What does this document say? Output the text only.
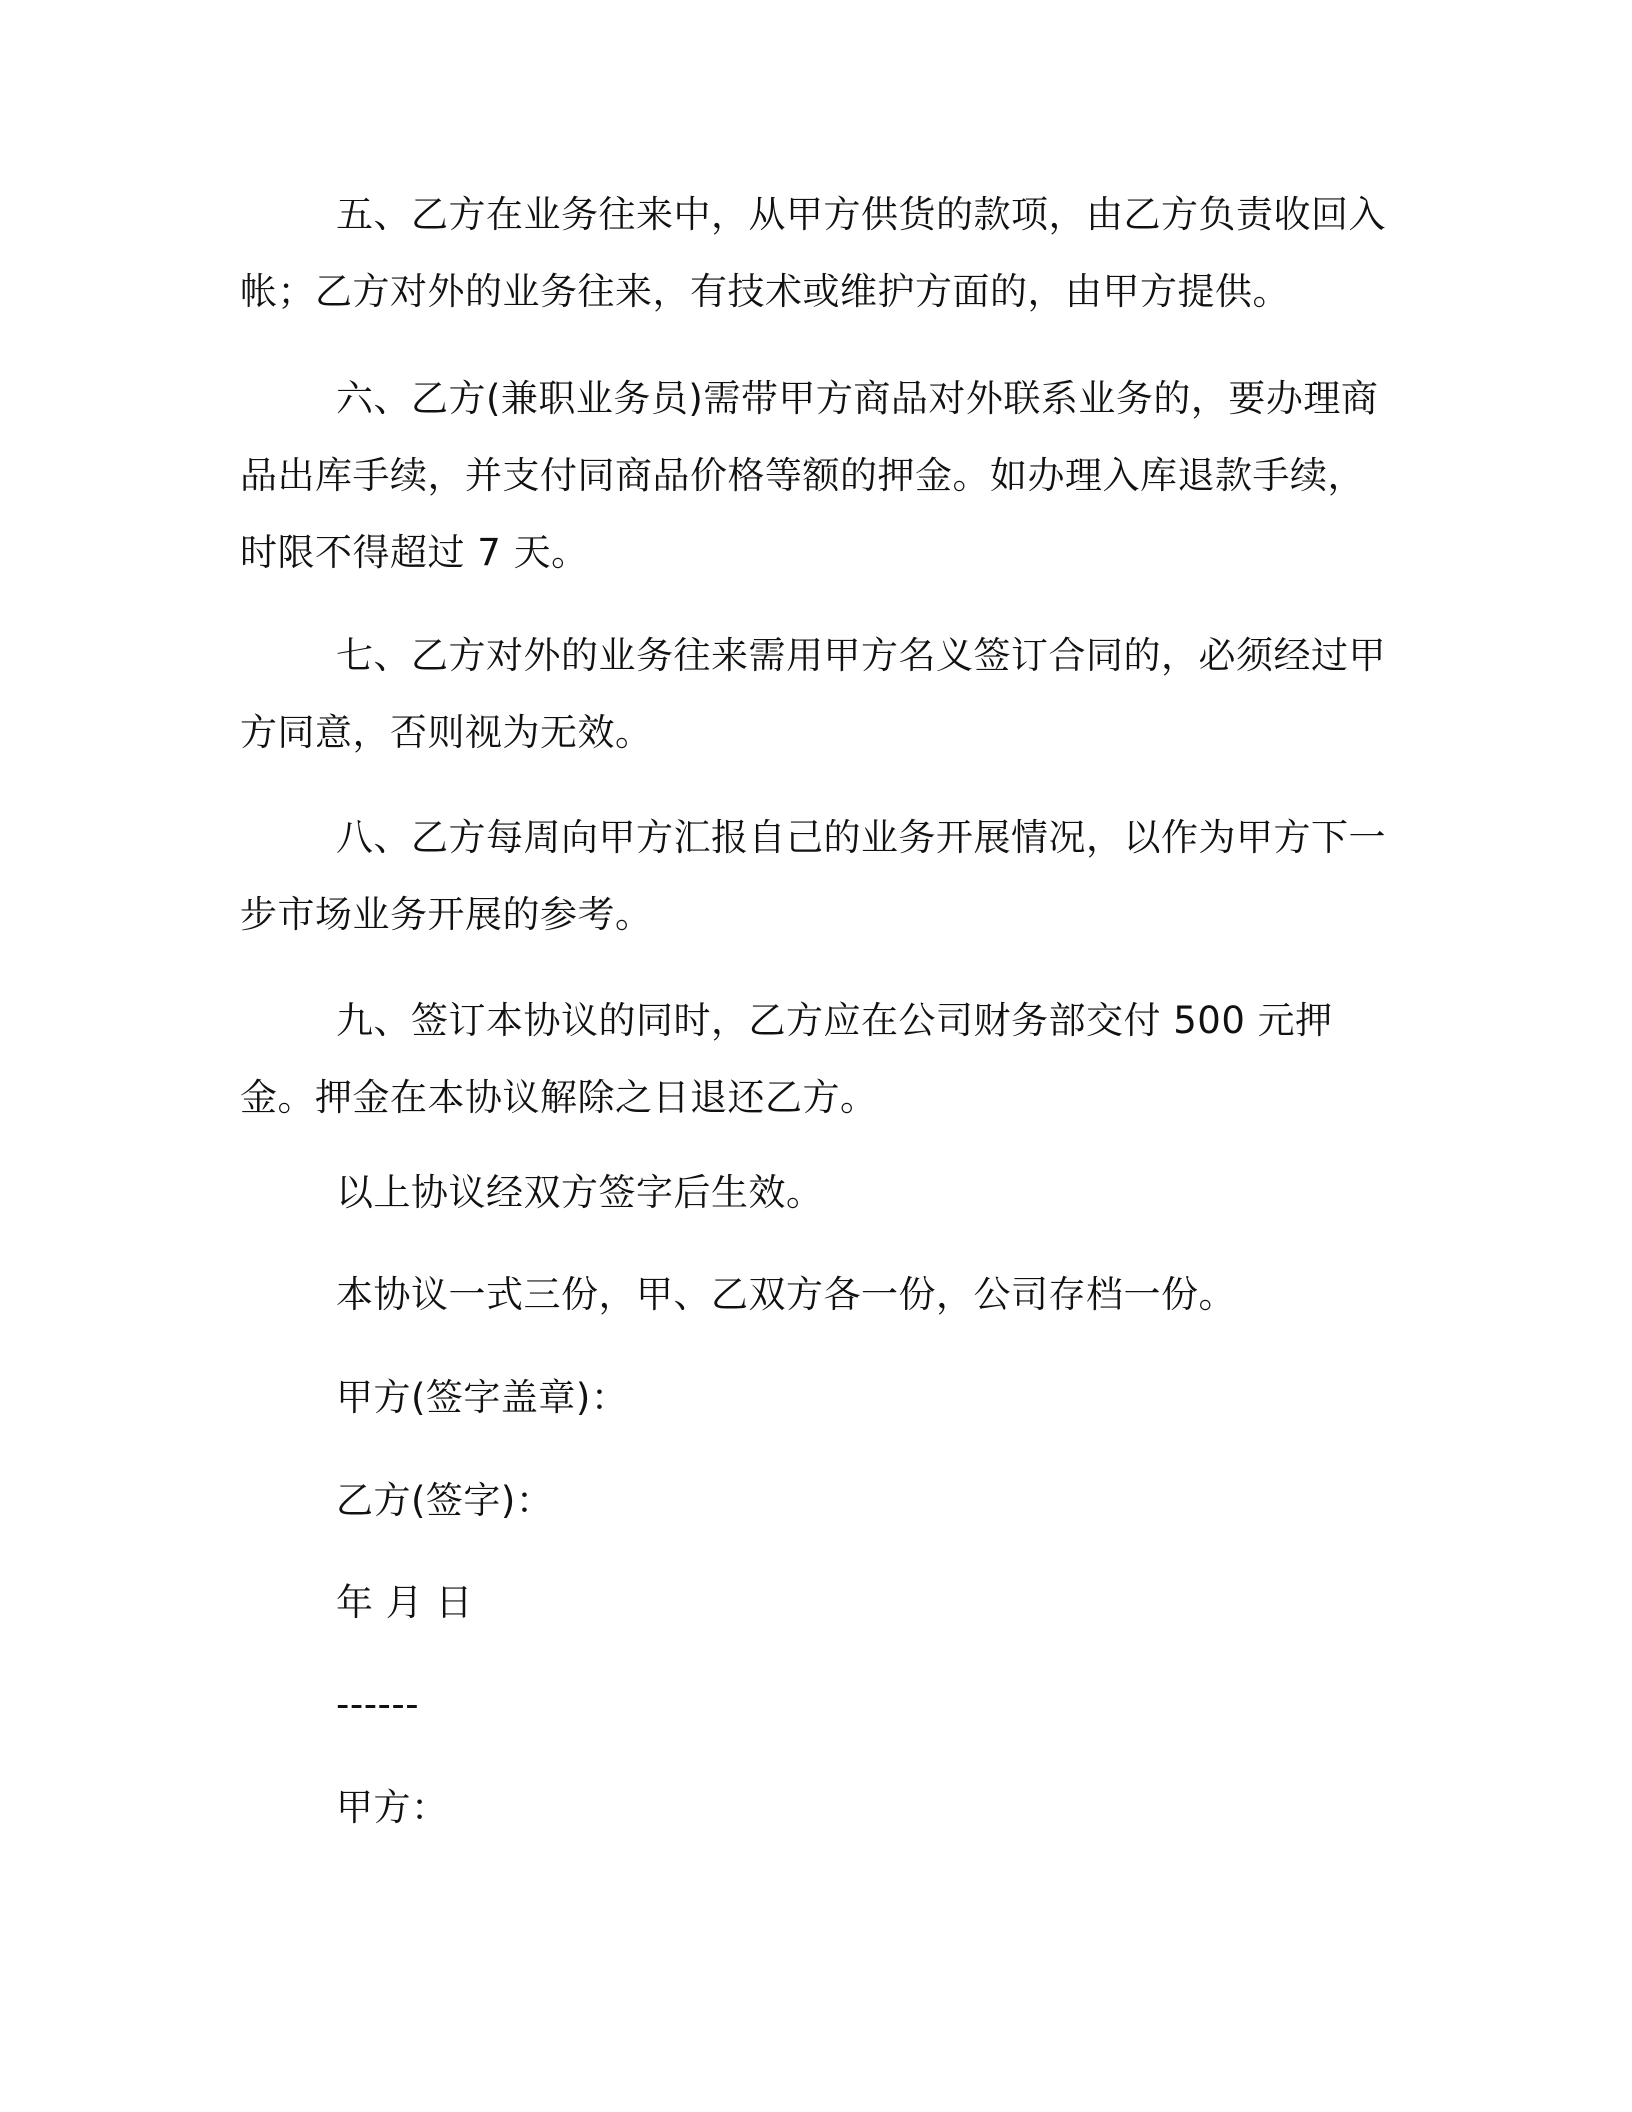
五、乙方在业务往来中，从甲方供货的款项，由乙方负责收回入帐；乙方对外的业务往来，有技术或维护方面的，由甲方提供。

六、乙方(兼职业务员)需带甲方商品对外联系业务的，要办理商品出库手续，并支付同商品价格等额的押金。如办理入库退款手续，时限不得超过 7 天。

七、乙方对外的业务往来需用甲方名义签订合同的，必须经过甲方同意，否则视为无效。

八、乙方每周向甲方汇报自己的业务开展情况，以作为甲方下一步市场业务开展的参考。

九、签订本协议的同时，乙方应在公司财务部交付 500 元押金。押金在本协议解除之日退还乙方。

以上协议经双方签字后生效。

本协议一式三份，甲、乙双方各一份，公司存档一份。

甲方(签字盖章)：

乙方(签字)：

年 月 日

------

甲方：
